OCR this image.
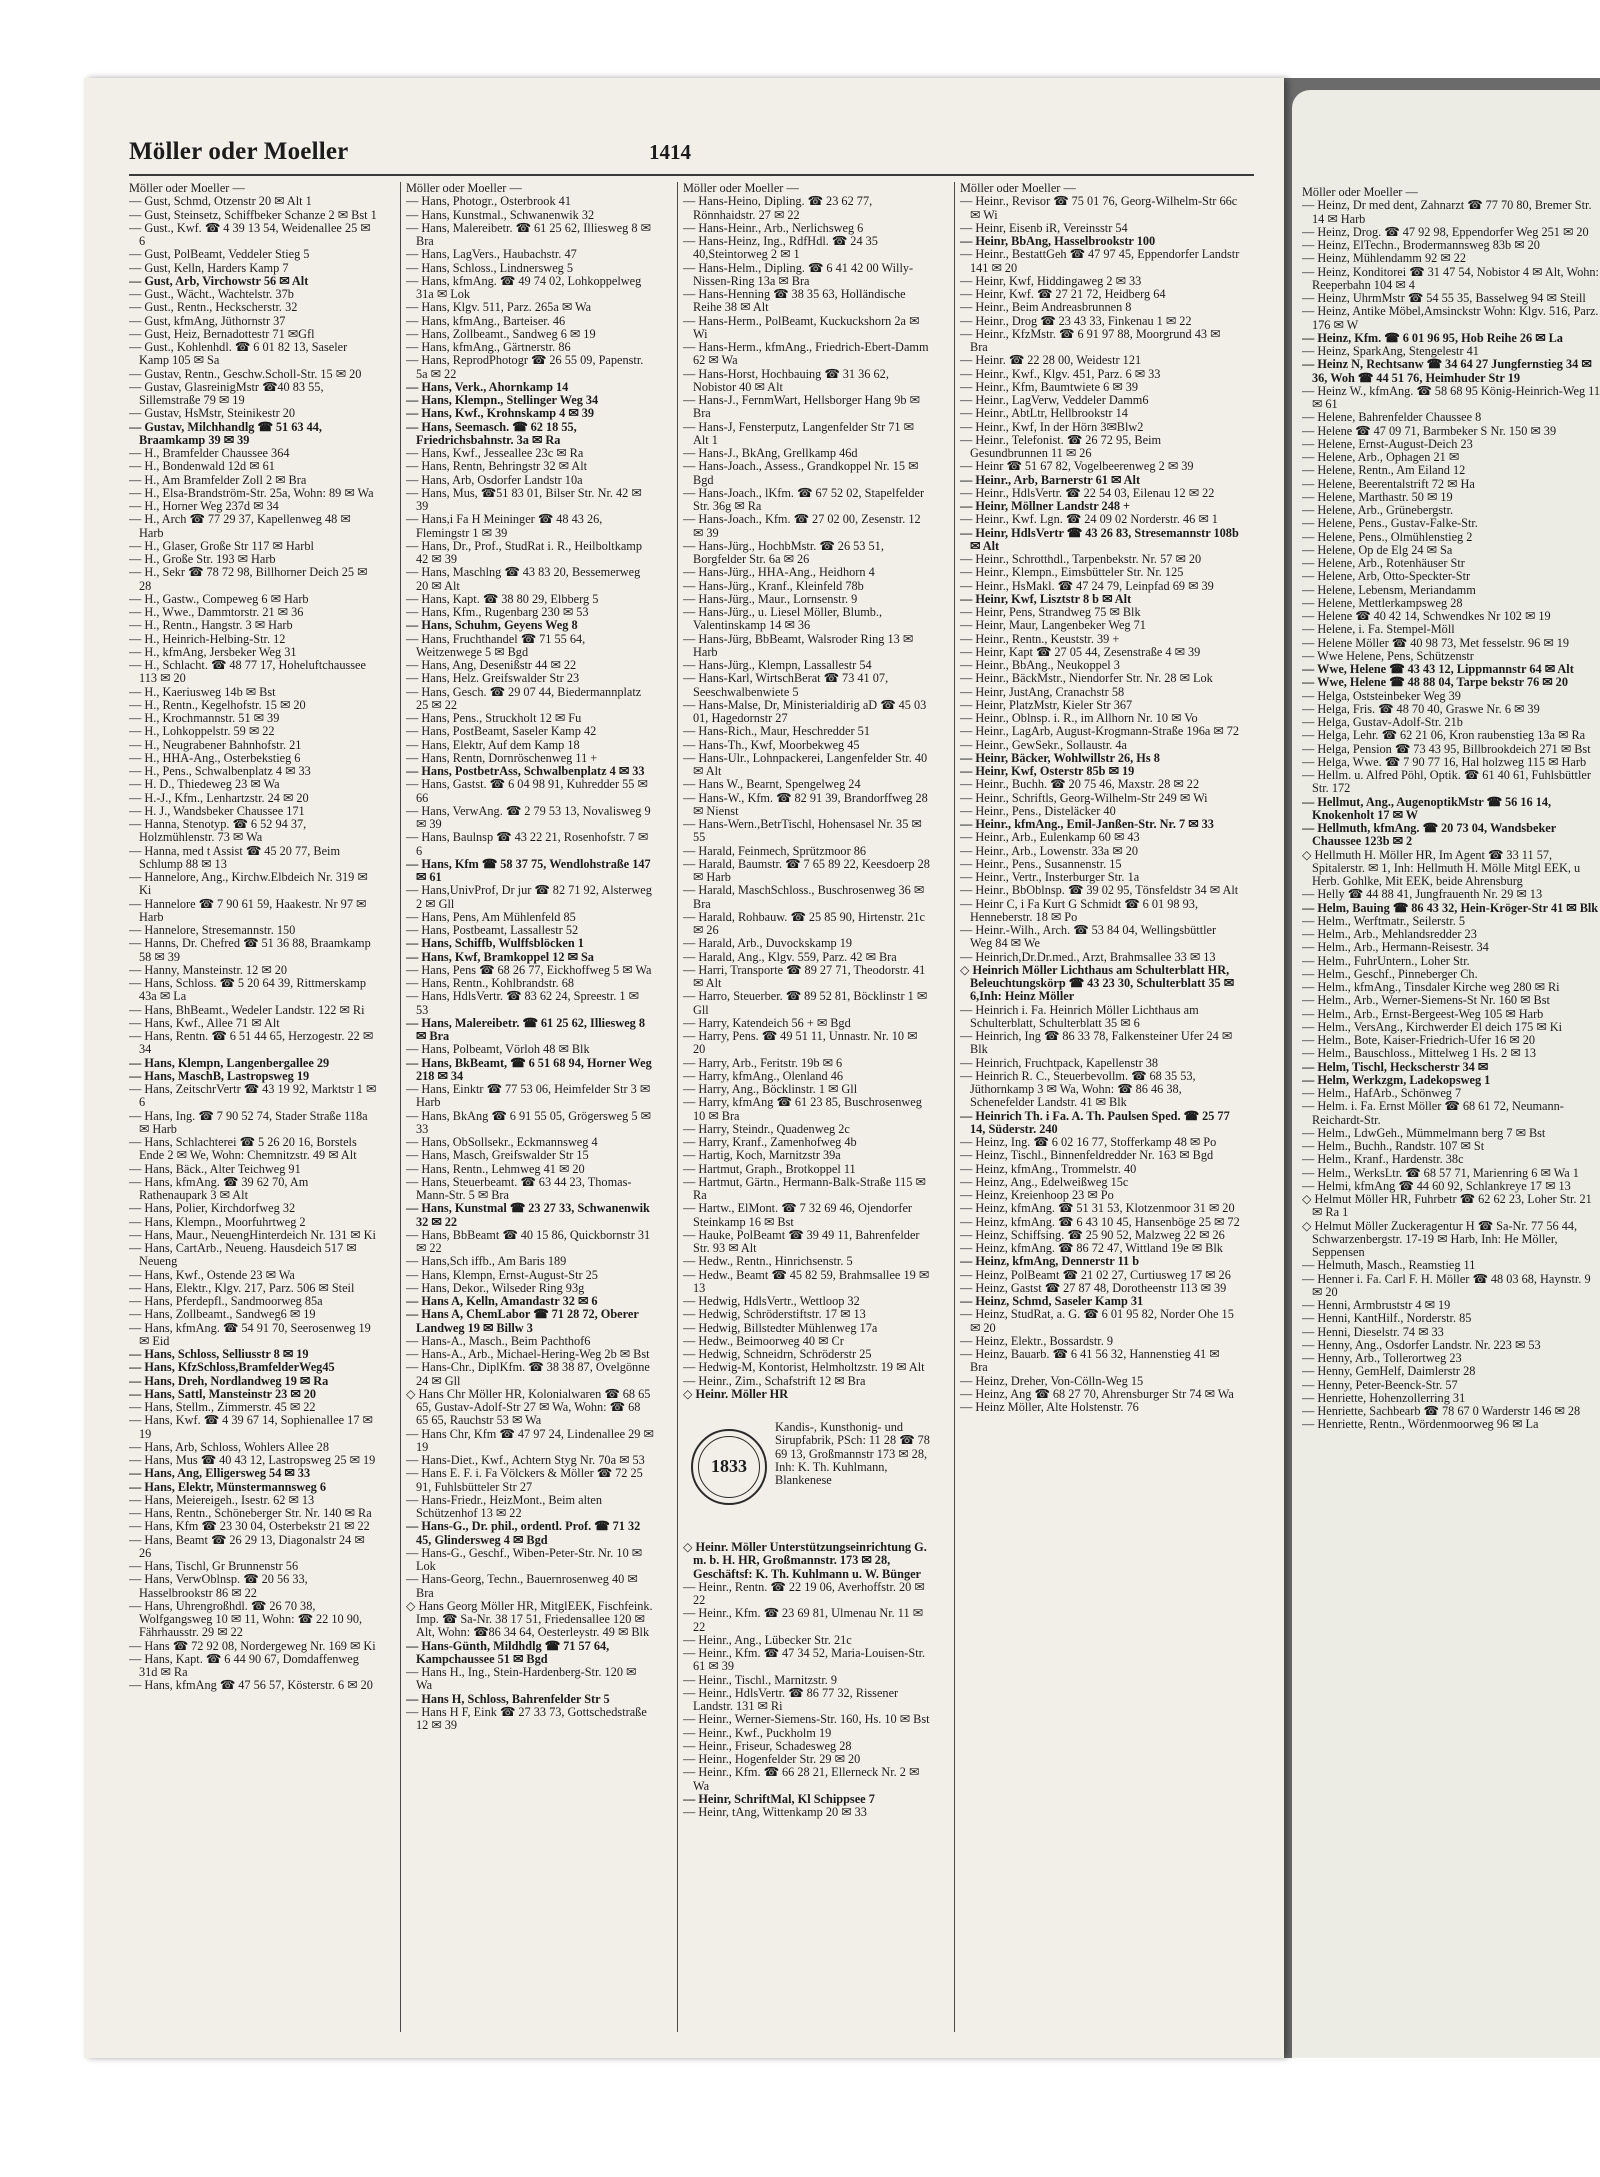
Möller oder Moeller	1414
Möller oder Moeller —
— Gust, Schmd, Otzenstr 20 ✉ Alt 1
— Gust, Steinsetz, Schiffbeker Schanze 2 ✉ Bst 1
— Gust., Kwf. ☎ 4 39 13 54, Weidenallee 25 ✉ 6
— Gust, PolBeamt, Veddeler Stieg 5
— Gust, Kelln, Harders Kamp 7
— Gust, Arb, Virchowstr 56 ✉ Alt
— Gust., Wächt., Wachtelstr. 37b
— Gust., Rentn., Heckscherstr. 32
— Gust, kfmAng, Jüthornstr 37
— Gust, Heiz, Bernadottestr 71 ✉Gfl
— Gust., Kohlenhdl. ☎ 6 01 82 13, Saseler Kamp 105 ✉ Sa
— Gustav, Rentn., Geschw.Scholl-Str. 15 ✉ 20
— Gustav, GlasreinigMstr ☎40 83 55, Sillemstraße 79 ✉ 19
— Gustav, HsMstr, Steinikestr 20
— Gustav, Milchhandlg ☎ 51 63 44, Braamkamp 39 ✉ 39
— H., Bramfelder Chaussee 364
— H., Bondenwald 12d ✉ 61
— H., Am Bramfelder Zoll 2 ✉ Bra
— H., Elsa-Brandström-Str. 25a, Wohn: 89 ✉ Wa
— H., Horner Weg 237d ✉ 34
— H., Arch ☎ 77 29 37, Kapellenweg 48 ✉ Harb
— H., Glaser, Große Str 117 ✉ Harbl
— H., Große Str. 193 ✉ Harb
— H., Sekr ☎ 78 72 98, Billhorner Deich 25 ✉ 28
— H., Gastw., Compeweg 6 ✉ Harb
— H., Wwe., Dammtorstr. 21 ✉ 36
— H., Rentn., Hangstr. 3 ✉ Harb
— H., Heinrich-Helbing-Str. 12
— H., kfmAng, Jersbeker Weg 31
— H., Schlacht. ☎ 48 77 17, Hoheluftchaussee 113 ✉ 20
— H., Kaeriusweg 14b ✉ Bst
— H., Rentn., Kegelhofstr. 15 ✉ 20
— H., Krochmannstr. 51 ✉ 39
— H., Lohkoppelstr. 59 ✉ 22
— H., Neugrabener Bahnhofstr. 21
— H., HHA-Ang., Osterbekstieg 6
— H., Pens., Schwalbenplatz 4 ✉ 33
— H. D., Thiedeweg 23 ✉ Wa
— H.-J., Kfm., Lenhartzstr. 24 ✉ 20
— H. J., Wandsbeker Chaussee 171
— Hanna, Stenotyp. ☎ 6 52 94 37, Holzmühlenstr. 73 ✉ Wa
— Hanna, med t Assist ☎ 45 20 77, Beim Schlump 88 ✉ 13
— Hannelore, Ang., Kirchw.Elbdeich Nr. 319 ✉ Ki
— Hannelore ☎ 7 90 61 59, Haakestr. Nr 97 ✉ Harb
— Hannelore, Stresemannstr. 150
— Hanns, Dr. Chefred ☎ 51 36 88, Braamkamp 58 ✉ 39
— Hanny, Mansteinstr. 12 ✉ 20
— Hans, Schloss. ☎ 5 20 64 39, Rittmerskamp 43a ✉ La
— Hans, BhBeamt., Wedeler Landstr. 122 ✉ Ri
— Hans, Kwf., Allee 71 ✉ Alt
— Hans, Rentn. ☎ 6 51 44 65, Herzogestr. 22 ✉ 34
— Hans, Klempn, Langenbergallee 29
— Hans, MaschB, Lastropsweg 19
— Hans, ZeitschrVertr ☎ 43 19 92, Marktstr 1 ✉ 6
— Hans, Ing. ☎ 7 90 52 74, Stader Straße 118a ✉ Harb
— Hans, Schlachterei ☎ 5 26 20 16, Borstels Ende 2 ✉ We, Wohn: Chemnitzstr. 49 ✉ Alt
— Hans, Bäck., Alter Teichweg 91
— Hans, kfmAng. ☎ 39 62 70, Am Rathenaupark 3 ✉ Alt
— Hans, Polier, Kirchdorfweg 32
— Hans, Klempn., Moorfuhrtweg 2
— Hans, Maur., NeuengHinterdeich Nr. 131 ✉ Ki
— Hans, CartArb., Neueng. Hausdeich 517 ✉ Neueng
— Hans, Kwf., Ostende 23 ✉ Wa
— Hans, Elektr., Klgv. 217, Parz. 506 ✉ Steil
— Hans, Pferdepfl., Sandmoorweg 85a
— Hans, Zollbeamt., Sandweg6 ✉ 19
— Hans, kfmAng. ☎ 54 91 70, Seerosenweg 19 ✉ Eid
— Hans, Schloss, Selliusstr 8 ✉ 19
— Hans, KfzSchloss,BramfelderWeg45
— Hans, Dreh, Nordlandweg 19 ✉ Ra
— Hans, Sattl, Mansteinstr 23 ✉ 20
— Hans, Stellm., Zimmerstr. 45 ✉ 22
— Hans, Kwf. ☎ 4 39 67 14, Sophienallee 17 ✉ 19
— Hans, Arb, Schloss, Wohlers Allee 28
— Hans, Mus ☎ 40 43 12, Lastropsweg 25 ✉ 19
— Hans, Ang, Elligersweg 54 ✉ 33
— Hans, Elektr, Münstermannsweg 6
— Hans, Meiereigeh., Isestr. 62 ✉ 13
— Hans, Rentn., Schöneberger Str. Nr. 140 ✉ Ra
— Hans, Kfm ☎ 23 30 04, Osterbekstr 21 ✉ 22
— Hans, Beamt ☎ 26 29 13, Diagonalstr 24 ✉ 26
— Hans, Tischl, Gr Brunnenstr 56
— Hans, VerwOblnsp. ☎ 20 56 33, Hasselbrookstr 86 ✉ 22
— Hans, Uhrengroßhdl. ☎ 26 70 38, Wolfgangsweg 10 ✉ 11, Wohn: ☎ 22 10 90, Fährhausstr. 29 ✉ 22
— Hans ☎ 72 92 08, Nordergeweg Nr. 169 ✉ Ki
— Hans, Kapt. ☎ 6 44 90 67, Domdaffenweg 31d ✉ Ra
— Hans, kfmAng ☎ 47 56 57, Kösterstr. 6 ✉ 20
Möller oder Moeller —
— Hans, Photogr., Osterbrook 41
— Hans, Kunstmal., Schwanenwik 32
— Hans, Malereibetr. ☎ 61 25 62, Illiesweg 8 ✉ Bra
— Hans, LagVers., Haubachstr. 47
— Hans, Schloss., Lindnersweg 5
— Hans, kfmAng. ☎ 49 74 02, Lohkoppelweg 31a ✉ Lok
— Hans, Klgv. 511, Parz. 265a ✉ Wa
— Hans, kfmAng., Barteiser. 46
— Hans, Zollbeamt., Sandweg 6 ✉ 19
— Hans, kfmAng., Gärtnerstr. 86
— Hans, ReprodPhotogr ☎ 26 55 09, Papenstr. 5a ✉ 22
— Hans, Verk., Ahornkamp 14
— Hans, Klempn., Stellinger Weg 34
— Hans, Kwf., Krohnskamp 4 ✉ 39
— Hans, Seemasch. ☎ 62 18 55, Friedrichsbahnstr. 3a ✉ Ra
— Hans, Kwf., Jesseallee 23c ✉ Ra
— Hans, Rentn, Behringstr 32 ✉ Alt
— Hans, Arb, Osdorfer Landstr 10a
— Hans, Mus, ☎51 83 01, Bilser Str. Nr. 42 ✉ 39
— Hans,i Fa H Meininger ☎ 48 43 26, Flemingstr 1 ✉ 39
— Hans, Dr., Prof., StudRat i. R., Heilboltkamp 42 ✉ 39
— Hans, Maschlng ☎ 43 83 20, Bessemerweg 20 ✉ Alt
— Hans, Kapt. ☎ 38 80 29, Elbberg 5
— Hans, Kfm., Rugenbarg 230 ✉ 53
— Hans, Schuhm, Geyens Weg 8
— Hans, Fruchthandel ☎ 71 55 64, Weitzenwege 5 ✉ Bgd
— Hans, Ang, Desenißstr 44 ✉ 22
— Hans, Helz. Greifswalder Str 23
— Hans, Gesch. ☎ 29 07 44, Biedermannplatz 25 ✉ 22
— Hans, Pens., Struckholt 12 ✉ Fu
— Hans, PostBeamt, Saseler Kamp 42
— Hans, Elektr, Auf dem Kamp 18
— Hans, Rentn, Dornröschenweg 11 +
— Hans, PostbetrAss, Schwalbenplatz 4 ✉ 33
— Hans, Gastst. ☎ 6 04 98 91, Kuhredder 55 ✉ 66
— Hans, VerwAng. ☎ 2 79 53 13, Novalisweg 9 ✉ 39
— Hans, Baulnsp ☎ 43 22 21, Rosenhofstr. 7 ✉ 6
— Hans, Kfm ☎ 58 37 75, Wendlohstraße 147 ✉ 61
— Hans,UnivProf, Dr jur ☎ 82 71 92, Alsterweg 2 ✉ Gll
— Hans, Pens, Am Mühlenfeld 85
— Hans, Postbeamt, Lassallestr 52
— Hans, Schiffb, Wulffsblöcken 1
— Hans, Kwf, Bramkoppel 12 ✉ Sa
— Hans, Pens ☎ 68 26 77, Eickhoffweg 5 ✉ Wa
— Hans, Rentn., Kohlbrandstr. 68
— Hans, HdlsVertr. ☎ 83 62 24, Spreestr. 1 ✉ 53
— Hans, Malereibetr. ☎ 61 25 62, Illiesweg 8 ✉ Bra
— Hans, Polbeamt, Vörloh 48 ✉ Blk
— Hans, BkBeamt, ☎ 6 51 68 94, Horner Weg 218 ✉ 34
— Hans, Einktr ☎ 77 53 06, Heimfelder Str 3 ✉ Harb
— Hans, BkAng ☎ 6 91 55 05, Grögersweg 5 ✉ 33
— Hans, ObSollsekr., Eckmannsweg 4
— Hans, Masch, Greifswalder Str 15
— Hans, Rentn., Lehmweg 41 ✉ 20
— Hans, Steuerbeamt. ☎ 63 44 23, Thomas-Mann-Str. 5 ✉ Bra
— Hans, Kunstmal ☎ 23 27 33, Schwanenwik 32 ✉ 22
— Hans, BbBeamt ☎ 40 15 86, Quickbornstr 31 ✉ 22
— Hans,Sch iffb., Am Baris 189
— Hans, Klempn, Ernst-August-Str 25
— Hans, Dekor., Wilseder Ring 93g
— Hans A, Kelln, Amandastr 32 ✉ 6
— Hans A, ChemLabor ☎ 71 28 72, Oberer Landweg 19 ✉ Billw 3
— Hans-A., Masch., Beim Pachthof6
— Hans-A., Arb., Michael-Hering-Weg 2b ✉ Bst
— Hans-Chr., DiplKfm. ☎ 38 38 87, Ovelgönne 24 ✉ Gll
◇ Hans Chr Möller HR, Kolonialwaren ☎ 68 65 65, Gustav-Adolf-Str 27 ✉ Wa, Wohn: ☎ 68 65 65, Rauchstr 53 ✉ Wa
— Hans Chr, Kfm ☎ 47 97 24, Lindenallee 29 ✉ 19
— Hans-Diet., Kwf., Achtern Styg Nr. 70a ✉ 53
— Hans E. F. i. Fa Völckers & Möller ☎ 72 25 91, Fuhlsbütteler Str 27
— Hans-Friedr., HeizMont., Beim alten Schützenhof 13 ✉ 22
— Hans-G., Dr. phil., ordentl. Prof. ☎ 71 32 45, Glindersweg 4 ✉ Bgd
— Hans-G., Geschf., Wiben-Peter-Str. Nr. 10 ✉ Lok
— Hans-Georg, Techn., Bauernrosenweg 40 ✉ Bra
◇ Hans Georg Möller HR, MitglEEK, Fischfeink. Imp. ☎ Sa-Nr. 38 17 51, Friedensallee 120 ✉ Alt, Wohn: ☎86 34 64, Oesterleystr. 49 ✉ Blk
— Hans-Günth, Mildhdlg ☎ 71 57 64, Kampchaussee 51 ✉ Bgd
— Hans H., Ing., Stein-Hardenberg-Str. 120 ✉ Wa
— Hans H, Schloss, Bahrenfelder Str 5
— Hans H F, Eink ☎ 27 33 73, Gottschedstraße 12 ✉ 39
Möller oder Moeller —
— Hans-Heino, Dipling. ☎ 23 62 77, Rönnhaidstr. 27 ✉ 22
— Hans-Heinr., Arb., Nerlichsweg 6
— Hans-Heinz, Ing., RdfHdl. ☎ 24 35 40,Steintorweg 2 ✉ 1
— Hans-Helm., Dipling. ☎ 6 41 42 00 Willy-Nissen-Ring 13a ✉ Bra
— Hans-Henning ☎ 38 35 63, Holländische Reihe 38 ✉ Alt
— Hans-Herm., PolBeamt, Kuckuckshorn 2a ✉ Wi
— Hans-Herm., kfmAng., Friedrich-Ebert-Damm 62 ✉ Wa
— Hans-Horst, Hochbauing ☎ 31 36 62, Nobistor 40 ✉ Alt
— Hans-J., FernmWart, Hellsborger Hang 9b ✉ Bra
— Hans-J, Fensterputz, Langenfelder Str 71 ✉ Alt 1
— Hans-J., BkAng, Grellkamp 46d
— Hans-Joach., Assess., Grandkoppel Nr. 15 ✉ Bgd
— Hans-Joach., lKfm. ☎ 67 52 02, Stapelfelder Str. 36g ✉ Ra
— Hans-Joach., Kfm. ☎ 27 02 00, Zesenstr. 12 ✉ 39
— Hans-Jürg., HochbMstr. ☎ 26 53 51, Borgfelder Str. 6a ✉ 26
— Hans-Jürg., HHA-Ang., Heidhorn 4
— Hans-Jürg., Kranf., Kleinfeld 78b
— Hans-Jürg., Maur., Lornsenstr. 9
— Hans-Jürg., u. Liesel Möller, Blumb., Valentinskamp 14 ✉ 36
— Hans-Jürg, BbBeamt, Walsroder Ring 13 ✉ Harb
— Hans-Jürg., Klempn, Lassallestr 54
— Hans-Karl, WirtschBerat ☎ 73 41 07, Seeschwalbenwiete 5
— Hans-Malse, Dr, Ministerialdirig aD ☎ 45 03 01, Hagedornstr 27
— Hans-Rich., Maur, Heschredder 51
— Hans-Th., Kwf, Moorbekweg 45
— Hans-Ulr., Lohnpackerei, Langenfelder Str. 40 ✉ Alt
— Hans W., Bearnt, Spengelweg 24
— Hans-W., Kfm. ☎ 82 91 39, Brandorffweg 28 ✉ Nienst
— Hans-Wern.,BetrTischl, Hohensasel Nr. 35 ✉ 55
— Harald, Feinmech, Sprützmoor 86
— Harald, Baumstr. ☎ 7 65 89 22, Keesdoerp 28 ✉ Harb
— Harald, MaschSchloss., Buschrosenweg 36 ✉ Bra
— Harald, Rohbauw. ☎ 25 85 90, Hirtenstr. 21c ✉ 26
— Harald, Arb., Duvockskamp 19
— Harald, Ang., Klgv. 559, Parz. 42 ✉ Bra
— Harri, Transporte ☎ 89 27 71, Theodorstr. 41 ✉ Alt
— Harro, Steuerber. ☎ 89 52 81, Böcklinstr 1 ✉ Gll
— Harry, Katendeich 56 + ✉ Bgd
— Harry, Pens. ☎ 49 51 11, Unnastr. Nr. 10 ✉ 20
— Harry, Arb., Feritstr. 19b ✉ 6
— Harry, kfmAng., Olenland 46
— Harry, Ang., Böcklinstr. 1 ✉ Gll
— Harry, kfmAng ☎ 61 23 85, Buschrosenweg 10 ✉ Bra
— Harry, Steindr., Quadenweg 2c
— Harry, Kranf., Zamenhofweg 4b
— Hartig, Koch, Marnitzstr 39a
— Hartmut, Graph., Brotkoppel 11
— Hartmut, Gärtn., Hermann-Balk-Straße 115 ✉ Ra
— Hartw., ElMont. ☎ 7 32 69 46, Ojendorfer Steinkamp 16 ✉ Bst
— Hauke, PolBeamt ☎ 39 49 11, Bahrenfelder Str. 93 ✉ Alt
— Hedw., Rentn., Hinrichsenstr. 5
— Hedw., Beamt ☎ 45 82 59, Brahmsallee 19 ✉ 13
— Hedwig, HdlsVertr., Wettloop 32
— Hedwig, Schröderstiftstr. 17 ✉ 13
— Hedwig, Billstedter Mühlenweg 17a
— Hedw., Beimoorweg 40 ✉ Cr
— Hedwig, Schneidrn, Schröderstr 25
— Hedwig-M, Kontorist, Helmholtzstr. 19 ✉ Alt
— Heinr., Zim., Schafstrift 12 ✉ Bra
◇ Heinr. Möller HR
1833
Kandis-, Kunsthonig- und Sirupfabrik, PSch: 11 28 ☎ 78 69 13, Großmannstr 173 ✉ 28, Inh: K. Th. Kuhlmann, Blankenese
◇ Heinr. Möller Unterstützungseinrichtung G. m. b. H. HR, Großmannstr. 173 ✉ 28, Geschäftsf: K. Th. Kuhlmann u. W. Bünger
— Heinr., Rentn. ☎ 22 19 06, Averhoffstr. 20 ✉ 22
— Heinr., Kfm. ☎ 23 69 81, Ulmenau Nr. 11 ✉ 22
— Heinr., Ang., Lübecker Str. 21c
— Heinr., Kfm. ☎ 47 34 52, Maria-Louisen-Str. 61 ✉ 39
— Heinr., Tischl., Marnitzstr. 9
— Heinr., HdlsVertr. ☎ 86 77 32, Rissener Landstr. 131 ✉ Ri
— Heinr., Werner-Siemens-Str. 160, Hs. 10 ✉ Bst
— Heinr., Kwf., Puckholm 19
— Heinr., Friseur, Schadesweg 28
— Heinr., Hogenfelder Str. 29 ✉ 20
— Heinr., Kfm. ☎ 66 28 21, Ellerneck Nr. 2 ✉ Wa
— Heinr, SchriftMal, Kl Schippsee 7
— Heinr, tAng, Wittenkamp 20 ✉ 33
Möller oder Moeller —
— Heinr., Revisor ☎ 75 01 76, Georg-Wilhelm-Str 66c ✉ Wi
— Heinr, Eisenb iR, Vereinsstr 54
— Heinr, BbAng, Hasselbrookstr 100
— Heinr., BestattGeh ☎ 47 97 45, Eppendorfer Landstr 141 ✉ 20
— Heinr, Kwf, Hiddingaweg 2 ✉ 33
— Heinr, Kwf. ☎ 27 21 72, Heidberg 64
— Heinr., Beim Andreasbrunnen 8
— Heinr., Drog ☎ 23 43 33, Finkenau 1 ✉ 22
— Heinr., KfzMstr. ☎ 6 91 97 88, Moorgrund 43 ✉ Bra
— Heinr. ☎ 22 28 00, Weidestr 121
— Heinr., Kwf., Klgv. 451, Parz. 6 ✉ 33
— Heinr., Kfm, Baumtwiete 6 ✉ 39
— Heinr., LagVerw, Veddeler Damm6
— Heinr., AbtLtr, Hellbrookstr 14
— Heinr., Kwf, In der Hörn 3✉Blw2
— Heinr., Telefonist. ☎ 26 72 95, Beim Gesundbrunnen 11 ✉ 26
— Heinr ☎ 51 67 82, Vogelbeerenweg 2 ✉ 39
— Heinr., Arb, Barnerstr 61 ✉ Alt
— Heinr., HdlsVertr. ☎ 22 54 03, Eilenau 12 ✉ 22
— Heinr, Möllner Landstr 248 +
— Heinr., Kwf. Lgn. ☎ 24 09 02 Norderstr. 46 ✉ 1
— Heinr, HdlsVertr ☎ 43 26 83, Stresemannstr 108b ✉ Alt
— Heinr., Schrotthdl., Tarpenbekstr. Nr. 57 ✉ 20
— Heinr., Klempn., Eimsbütteler Str. Nr. 125
— Heinr., HsMakl. ☎ 47 24 79, Leinpfad 69 ✉ 39
— Heinr, Kwf, Lisztstr 8 b ✉ Alt
— Heinr, Pens, Strandweg 75 ✉ Blk
— Heinr, Maur, Langenbeker Weg 71
— Heinr., Rentn., Keuststr. 39 +
— Heinr, Kapt ☎ 27 05 44, Zesenstraße 4 ✉ 39
— Heinr., BbAng., Neukoppel 3
— Heinr., BäckMstr., Niendorfer Str. Nr. 28 ✉ Lok
— Heinr, JustAng, Cranachstr 58
— Heinr, PlatzMstr, Kieler Str 367
— Heinr., Oblnsp. i. R., im Allhorn Nr. 10 ✉ Vo
— Heinr., LagArb, August-Krogmann-Straße 196a ✉ 72
— Heinr., GewSekr., Sollaustr. 4a
— Heinr, Bäcker, Wohlwillstr 26, Hs 8
— Heinr, Kwf, Osterstr 85b ✉ 19
— Heinr., Buchh. ☎ 20 75 46, Maxstr. 28 ✉ 22
— Heinr., Schriftls, Georg-Wilhelm-Str 249 ✉ Wi
— Heinr., Pens., Disteläcker 40
— Heinr., kfmAng., Emil-Janßen-Str. Nr. 7 ✉ 33
— Heinr., Arb., Eulenkamp 60 ✉ 43
— Heinr., Arb., Lowenstr. 33a ✉ 20
— Heinr., Pens., Susannenstr. 15
— Heinr., Vertr., Insterburger Str. 1a
— Heinr., BbOblnsp. ☎ 39 02 95, Tönsfeldstr 34 ✉ Alt
— Heinr C, i Fa Kurt G Schmidt ☎ 6 01 98 93, Henneberstr. 18 ✉ Po
— Heinr.-Wilh., Arch. ☎ 53 84 04, Wellingsbüttler Weg 84 ✉ We
— Heinrich,Dr.Dr.med., Arzt, Brahmsallee 33 ✉ 13
◇ Heinrich Möller Lichthaus am Schulterblatt HR, Beleuchtungskörp ☎ 43 23 30, Schulterblatt 35 ✉6,Inh: Heinz Möller
— Heinrich i. Fa. Heinrich Möller Lichthaus am Schulterblatt, Schulterblatt 35 ✉ 6
— Heinrich, Ing ☎ 86 33 78, Falkensteiner Ufer 24 ✉ Blk
— Heinrich, Fruchtpack, Kapellenstr 38
— Heinrich R. C., Steuerbevollm. ☎ 68 35 53, Jüthornkamp 3 ✉ Wa, Wohn: ☎ 86 46 38, Schenefelder Landstr. 41 ✉ Blk
— Heinrich Th. i Fa. A. Th. Paulsen Sped. ☎ 25 77 14, Süderstr. 240
— Heinz, Ing. ☎ 6 02 16 77, Stofferkamp 48 ✉ Po
— Heinz, Tischl., Binnenfeldredder Nr. 163 ✉ Bgd
— Heinz, kfmAng., Trommelstr. 40
— Heinz, Ang., Edelweißweg 15c
— Heinz, Kreienhoop 23 ✉ Po
— Heinz, kfmAng. ☎ 51 31 53, Klotzenmoor 31 ✉ 20
— Heinz, kfmAng. ☎ 6 43 10 45, Hansenböge 25 ✉ 72
— Heinz, Schiffsing. ☎ 25 90 52, Malzweg 22 ✉ 26
— Heinz, kfmAng. ☎ 86 72 47, Wittland 19e ✉ Blk
— Heinz, kfmAng, Dennerstr 11 b
— Heinz, PolBeamt ☎ 21 02 27, Curtiusweg 17 ✉ 26
— Heinz, Gastst ☎ 27 87 48, Dorotheenstr 113 ✉ 39
— Heinz, Schmd, Saseler Kamp 31
— Heinz, StudRat, a. G. ☎ 6 01 95 82, Norder Ohe 15 ✉ 20
— Heinz, Elektr., Bossardstr. 9
— Heinz, Bauarb. ☎ 6 41 56 32, Hannenstieg 41 ✉ Bra
— Heinz, Dreher, Von-Cölln-Weg 15
— Heinz, Ang ☎ 68 27 70, Ahrensburger Str 74 ✉ Wa
— Heinz Möller, Alte Holstenstr. 76
Möller oder Moeller —
— Heinz, Dr med dent, Zahnarzt ☎ 77 70 80, Bremer Str. 14 ✉ Harb
— Heinz, Drog. ☎ 47 92 98, Eppendorfer Weg 251 ✉ 20
— Heinz, ElTechn., Brodermannsweg 83b ✉ 20
— Heinz, Mühlendamm 92 ✉ 22
— Heinz, Konditorei ☎ 31 47 54, Nobistor 4 ✉ Alt, Wohn: Reeperbahn 104 ✉ 4
— Heinz, UhrmMstr ☎ 54 55 35, Basselweg 94 ✉ Steill
— Heinz, Antike Möbel,Amsinckstr Wohn: Klgv. 516, Parz. 176 ✉ W
— Heinz, Kfm. ☎ 6 01 96 95, Hob Reihe 26 ✉ La
— Heinz, SparkAng, Stengelestr 41
— Heinz N, Rechtsanw ☎ 34 64 27 Jungfernstieg 34 ✉ 36, Woh ☎ 44 51 76, Heimhuder Str 19
— Heinz W., kfmAng. ☎ 58 68 95 König-Heinrich-Weg 11 ✉ 61
— Helene, Bahrenfelder Chaussee 8
— Helene ☎ 47 09 71, Barmbeker S Nr. 150 ✉ 39
— Helene, Ernst-August-Deich 23
— Helene, Arb., Ophagen 21 ✉
— Helene, Rentn., Am Eiland 12
— Helene, Beerentalstrift 72 ✉ Ha
— Helene, Marthastr. 50 ✉ 19
— Helene, Arb., Grünebergstr.
— Helene, Pens., Gustav-Falke-Str.
— Helene, Pens., Olmühlenstieg 2
— Helene, Op de Elg 24 ✉ Sa
— Helene, Arb., Rotenhäuser Str
— Helene, Arb, Otto-Speckter-Str
— Helene, Lebensm, Meriandamm
— Helene, Mettlerkampsweg 28
— Helene ☎ 40 42 14, Schwendkes Nr 102 ✉ 19
— Helene, i. Fa. Stempel-Möll
— Helene Möller ☎ 40 98 73, Met fesselstr. 96 ✉ 19
— Wwe Helene, Pens, Schützenstr
— Wwe, Helene ☎ 43 43 12, Lippmannstr 64 ✉ Alt
— Wwe, Helene ☎ 48 88 04, Tarpe bekstr 76 ✉ 20
— Helga, Oststeinbeker Weg 39
— Helga, Fris. ☎ 48 70 40, Graswe Nr. 6 ✉ 39
— Helga, Gustav-Adolf-Str. 21b
— Helga, Lehr. ☎ 62 21 06, Kron raubenstieg 13a ✉ Ra
— Helga, Pension ☎ 73 43 95, Billbrookdeich 271 ✉ Bst
— Helga, Wwe. ☎ 7 90 77 16, Hal holzweg 115 ✉ Harb
— Hellm. u. Alfred Pöhl, Optik. ☎ 61 40 61, Fuhlsbüttler Str. 172
— Hellmut, Ang., AugenoptikMstr ☎ 56 16 14, Knokenholt 17 ✉ W
— Hellmuth, kfmAng. ☎ 20 73 04, Wandsbeker Chaussee 123b ✉ 2
◇ Hellmuth H. Möller HR, Im Agent ☎ 33 11 57, Spitalerstr. ✉ 1, Inh: Hellmuth H. Mölle Mitgl EEK, u Herb. Gohlke, Mit EEK, beide Ahrensburg
— Helly ☎ 44 88 41, Jungfrauenth Nr. 29 ✉ 13
— Helm, Bauing ☎ 86 43 32, Hein-Kröger-Str 41 ✉ Blk
— Helm., Werftmatr., Seilerstr. 5
— Helm., Arb., Mehlandsredder 23
— Helm., Arb., Hermann-Reisestr. 34
— Helm., FuhrUntern., Loher Str.
— Helm., Geschf., Pinneberger Ch.
— Helm., kfmAng., Tinsdaler Kirche weg 280 ✉ Ri
— Helm., Arb., Werner-Siemens-St Nr. 160 ✉ Bst
— Helm., Arb., Ernst-Bergeest-Weg 105 ✉ Harb
— Helm., VersAng., Kirchwerder El deich 175 ✉ Ki
— Helm., Bote, Kaiser-Friedrich-Ufer 16 ✉ 20
— Helm., Bauschloss., Mittelweg 1 Hs. 2 ✉ 13
— Helm, Tischl, Heckscherstr 34 ✉
— Helm, Werkzgm, Ladekopsweg 1
— Helm., HafArb., Schönweg 7
— Helm. i. Fa. Ernst Möller ☎ 68 61 72, Neumann-Reichardt-Str.
— Helm., LdwGeh., Mümmelmann berg 7 ✉ Bst
— Helm., Buchh., Randstr. 107 ✉ St
— Helm., Kranf., Hardenstr. 38c
— Helm., WerksLtr. ☎ 68 57 71, Marienring 6 ✉ Wa 1
— Helmi, kfmAng ☎ 44 60 92, Schlankreye 17 ✉ 13
◇ Helmut Möller HR, Fuhrbetr ☎ 62 62 23, Loher Str. 21 ✉ Ra 1
◇ Helmut Möller Zuckeragentur H ☎ Sa-Nr. 77 56 44, Schwarzenbergstr. 17-19 ✉ Harb, Inh: He Möller, Seppensen
— Helmuth, Masch., Reamstieg 11
— Henner i. Fa. Carl F. H. Möller ☎ 48 03 68, Haynstr. 9 ✉ 20
— Henni, Armbruststr 4 ✉ 19
— Henni, KantHilf., Norderstr. 85
— Henni, Dieselstr. 74 ✉ 33
— Henny, Ang., Osdorfer Landstr. Nr. 223 ✉ 53
— Henny, Arb., Tollerortweg 23
— Henny, GemHelf, Daimlerstr 28
— Henny, Peter-Beenck-Str. 57
— Henriette, Hohenzollerring 31
— Henriette, Sachbearb ☎ 78 67 0 Warderstr 146 ✉ 28
— Henriette, Rentn., Wördenmoorweg 96 ✉ La
